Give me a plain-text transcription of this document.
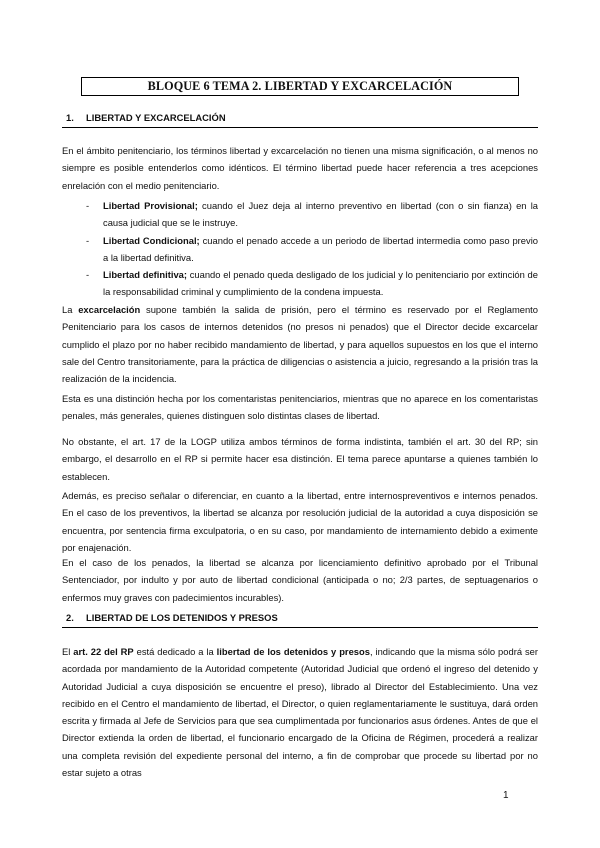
BLOQUE 6 TEMA 2. LIBERTAD Y EXCARCELACIÓN
1. LIBERTAD Y EXCARCELACIÓN

En el ámbito penitenciario, los términos libertad y excarcelación no tienen una misma significación, o al menos no siempre es posible entenderlos como idénticos. El término libertad puede hacer referencia a tres acepciones enrelación con el medio penitenciario.

- Libertad Provisional; cuando el Juez deja al interno preventivo en libertad (con o sin fianza) en la causa judicial que se le instruye.
- Libertad Condicional; cuando el penado accede a un periodo de libertad intermedia como paso previo a la libertad definitiva.
- Libertad definitiva; cuando el penado queda desligado de los judicial y lo penitenciario por extinción de la responsabilidad criminal y cumplimiento de la condena impuesta.

La excarcelación supone también la salida de prisión, pero el término es reservado por el Reglamento Penitenciario para los casos de internos detenidos (no presos ni penados) que el Director decide excarcelar cumplido el plazo por no haber recibido mandamiento de libertad, y para aquellos supuestos en los que el interno sale del Centro transitoriamente, para la práctica de diligencias o asistencia a juicio, regresando a la prisión tras la realización de la incidencia.

Esta es una distinción hecha por los comentaristas penitenciarios, mientras que no aparece en los comentaristas penales, más generales, quienes distinguen solo distintas clases de libertad.

No obstante, el art. 17 de la LOGP utiliza ambos términos de forma indistinta, también el art. 30 del RP; sin embargo, el desarrollo en el RP si permite hacer esa distinción. El tema parece apuntarse a quienes también lo establecen.

Además, es preciso señalar o diferenciar, en cuanto a la libertad, entre internospreventivos e internos penados. En el caso de los preventivos, la libertad se alcanza por resolución judicial de la autoridad a cuya disposición se encuentra, por sentencia firma exculpatoria, o en su caso, por mandamiento de internamiento debido a eximente por enajenación.

En el caso de los penados, la libertad se alcanza por licenciamiento definitivo aprobado por el Tribunal Sentenciador, por indulto y por auto de libertad condicional (anticipada o no; 2/3 partes, de septuagenarios o enfermos muy graves con padecimientos incurables).

2. LIBERTAD DE LOS DETENIDOS Y PRESOS

El art. 22 del RP está dedicado a la libertad de los detenidos y presos, indicando que la misma sólo podrá ser acordada por mandamiento de la Autoridad competente (Autoridad Judicial que ordenó el ingreso del detenido y Autoridad Judicial a cuya disposición se encuentre el preso), librado al Director del Establecimiento. Una vez recibido en el Centro el mandamiento de libertad, el Director, o quien reglamentariamente le sustituya, dará orden escrita y firmada al Jefe de Servicios para que sea cumplimentada por funcionarios asus órdenes. Antes de que el Director extienda la orden de libertad, el funcionario encargado de la Oficina de Régimen, procederá a realizar una completa revisión del expediente personal del interno, a fin de comprobar que procede su libertad por no estar sujeto a otras

1
